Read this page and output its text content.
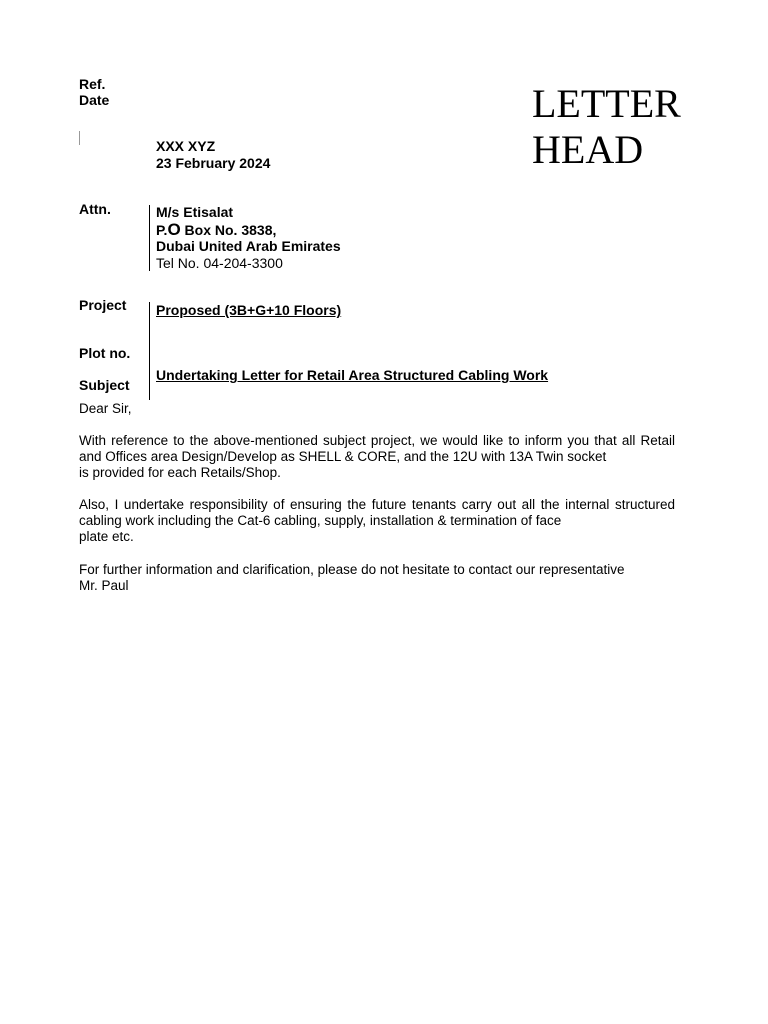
Ref.
Date	LETTER
HEAD
XXX XYZ
23 February 2024
Attn.	M/s Etisalat
P.O Box No. 3838,
Dubai United Arab Emirates
Tel No. 04-204-3300
Project Proposed (3B+G+10 Floors)
Plot no.
Undertaking Letter for Retail Area Structured Cabling Work
Subject
Dear Sir,
With reference to the above-mentioned subject project, we would like to inform you that all Retail and Offices area Design/Develop as SHELL & CORE, and the 12U with 13A Twin socket
is provided for each Retails/Shop.
Also, I undertake responsibility of ensuring the future tenants carry out all the internal structured cabling work including the Cat-6 cabling, supply, installation & termination of face
plate etc.
For further information and clarification, please do not hesitate to contact our representative
Mr. Paul
